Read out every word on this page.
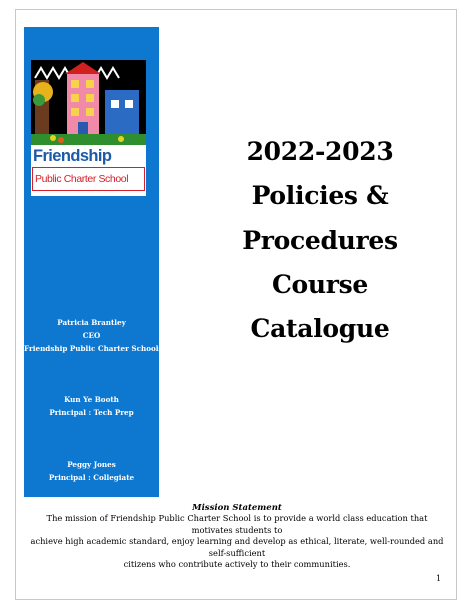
Friendship
Public Charter School
Patricia Brantley
CEO
Friendship Public Charter Schools
Kun Ye Booth
Principal : Tech Prep
Peggy Jones
Principal : Collegiate
2022-2023
Policies &
Procedures
Course
Catalogue
Mission Statement
The mission of Friendship Public Charter School is to provide a world class education that motivates students to
achieve high academic standard, enjoy learning and develop as ethical, literate, well-rounded and self-sufficient
citizens who contribute actively to their communities.
1
